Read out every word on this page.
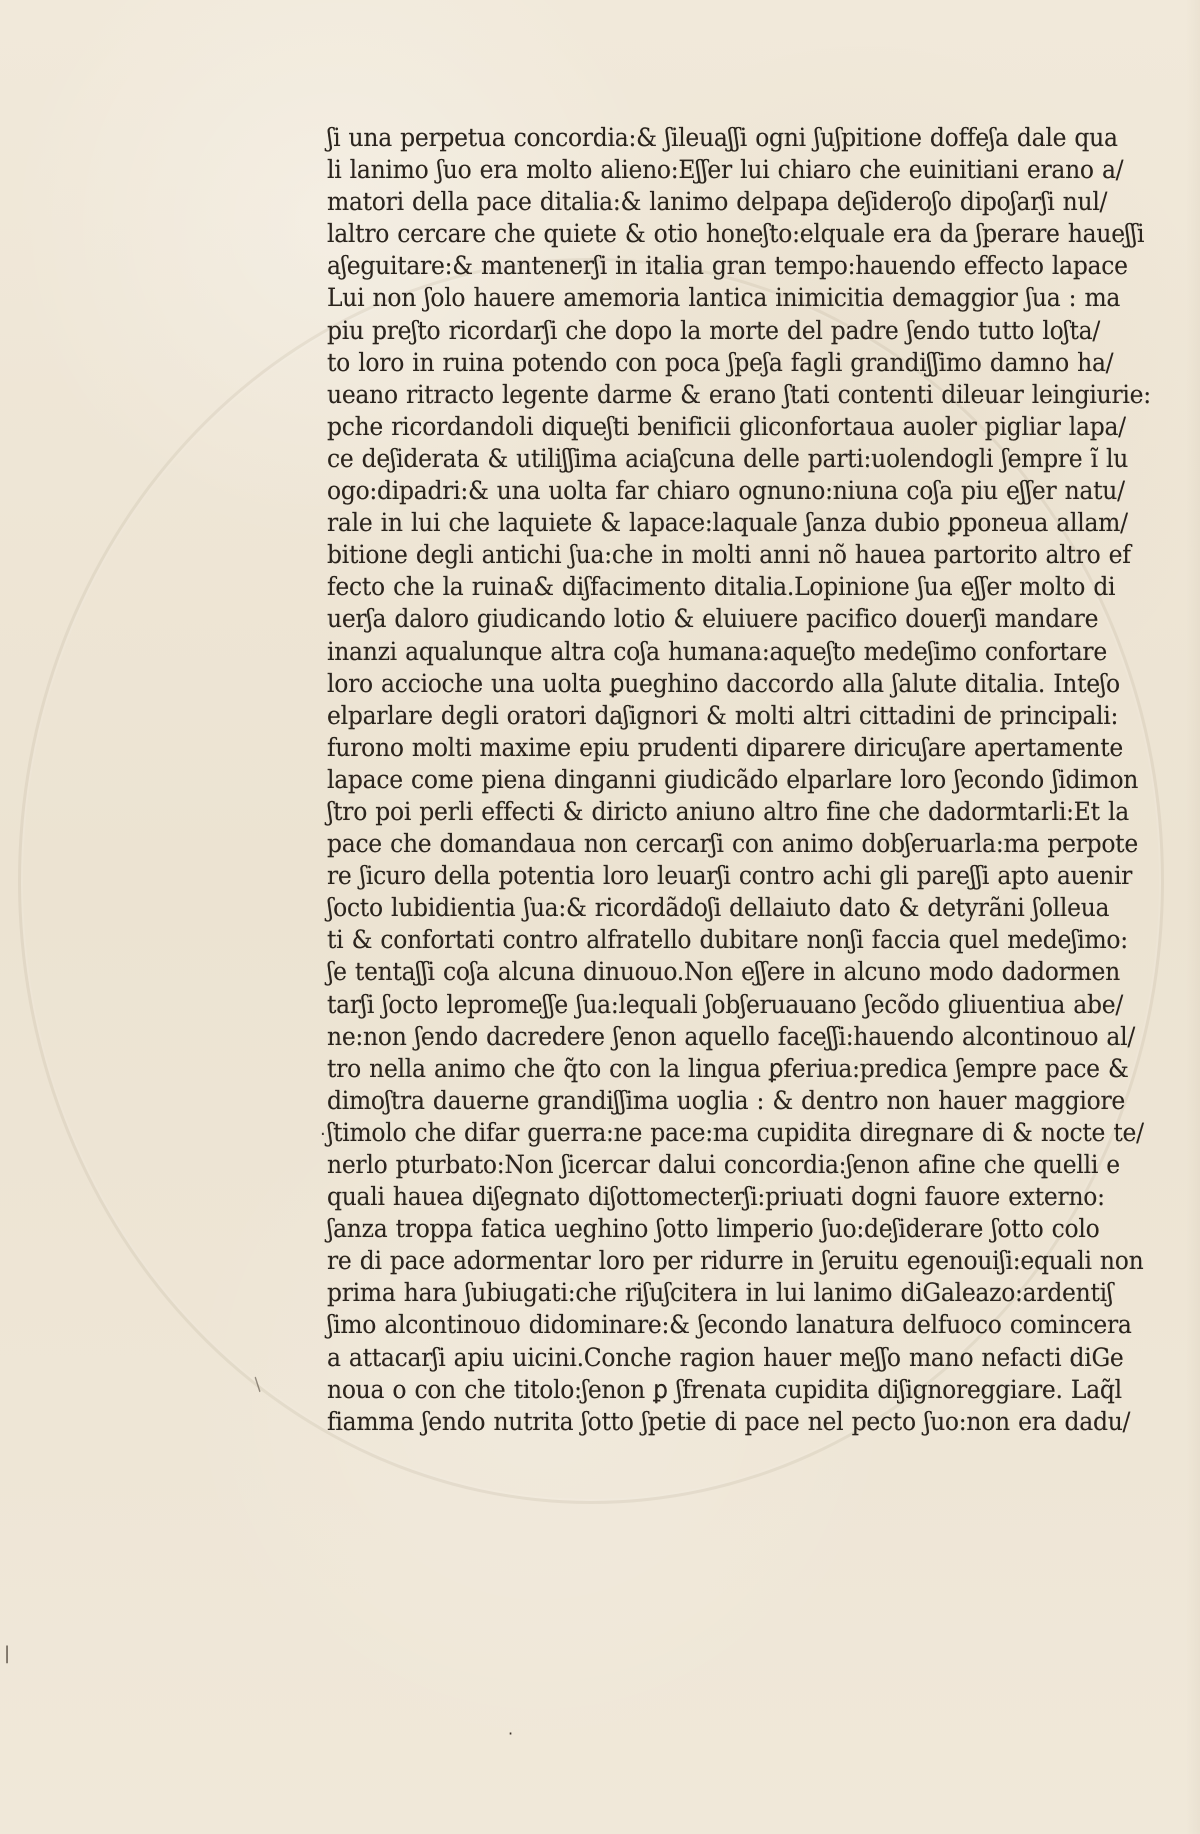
ʃi una perpetua concordia:& ʃileuaʃʃi ogni ʃuʃpitione doffeʃa dale qua
li lanimo ʃuo era molto alieno:Eʃʃer lui chiaro che euinitiani erano a/
matori della pace ditalia:& lanimo delpapa deʃideroʃo dipoʃarʃi nul/
laltro cercare che quiete & otio honeʃto:elquale era da ʃperare haueʃʃi
aʃeguitare:& mantenerʃi in italia gran tempo:hauendo effecto lapace
Lui non ʃolo hauere amemoria lantica inimicitia demaggior ʃua : ma
piu preʃto ricordarʃi che dopo la morte del padre ʃendo tutto loʃta/
to loro in ruina potendo con poca ʃpeʃa fagli grandiʃʃimo damno ha/
ueano ritracto legente darme & erano ʃtati contenti dileuar leingiurie:
pche ricordandoli diqueʃti benificii gliconfortaua auoler pigliar lapa/
ce deʃiderata & utiliʃʃima aciaʃcuna delle parti:uolendogli ʃempre ĩ lu
ogo:dipadri:& una uolta far chiaro ognuno:niuna coʃa piu eʃʃer natu/
rale in lui che laquiete & lapace:laquale ʃanza dubio ꝑponeua allam/
bitione degli antichi ʃua:che in molti anni nõ hauea partorito altro ef
fecto che la ruina& diʃfacimento ditalia.Lopinione ʃua eʃʃer molto di
uerʃa daloro giudicando lotio & eluiuere pacifico douerʃi mandare
inanzi aqualunque altra coʃa humana:aqueʃto medeʃimo confortare
loro accioche una uolta ꝑueghino daccordo alla ʃalute ditalia. Inteʃo
elparlare degli oratori daʃignori & molti altri cittadini de principali:
furono molti maxime epiu prudenti diparere diricuʃare apertamente
lapace come piena dinganni giudicãdo elparlare loro ʃecondo ʃidimon
ʃtro poi perli effecti & diricto aniuno altro fine che dadormtarli:Et la
pace che domandaua non cercarʃi con animo dobʃeruarla:ma perpote
re ʃicuro della potentia loro leuarʃi contro achi gli pareʃʃi apto auenir
ʃocto lubidientia ʃua:& ricordãdoʃi dellaiuto dato & detyrãni ʃolleua
ti & confortati contro alfratello dubitare nonʃi faccia quel medeʃimo:
ʃe tentaʃʃi coʃa alcuna dinuouo.Non eʃʃere in alcuno modo dadormen
tarʃi ʃocto lepromeʃʃe ʃua:lequali ʃobʃeruauano ʃecõdo gliuentiua abe/
ne:non ʃendo dacredere ʃenon aquello faceʃʃi:hauendo alcontinouo al/
tro nella animo che q̃to con la lingua ꝑferiua:predica ʃempre pace &
dimoʃtra dauerne grandiʃʃima uoglia : & dentro non hauer maggiore
ʃtimolo che difar guerra:ne pace:ma cupidita diregnare di & nocte te/
nerlo pturbato:Non ʃicercar dalui concordia:ʃenon afine che quelli e
quali hauea diʃegnato diʃottomecterʃi:priuati dogni fauore externo:
ʃanza troppa fatica ueghino ʃotto limperio ʃuo:deʃiderare ʃotto colo
re di pace adormentar loro per ridurre in ʃeruitu egenouiʃi:equali non
prima hara ʃubiugati:che riʃuʃcitera in lui lanimo diGaleazo:ardentiʃ
ʃimo alcontinouo didominare:& ʃecondo lanatura delfuoco comincera
a attacarʃi apiu uicini.Conche ragion hauer meʃʃo mano nefacti diGe
noua o con che titolo:ʃenon ꝑ ʃfrenata cupidita diʃignoreggiare. Laq̃l
fiamma ʃendo nutrita ʃotto ʃpetie di pace nel pecto ʃuo:non era dadu/
·
/
·
|
